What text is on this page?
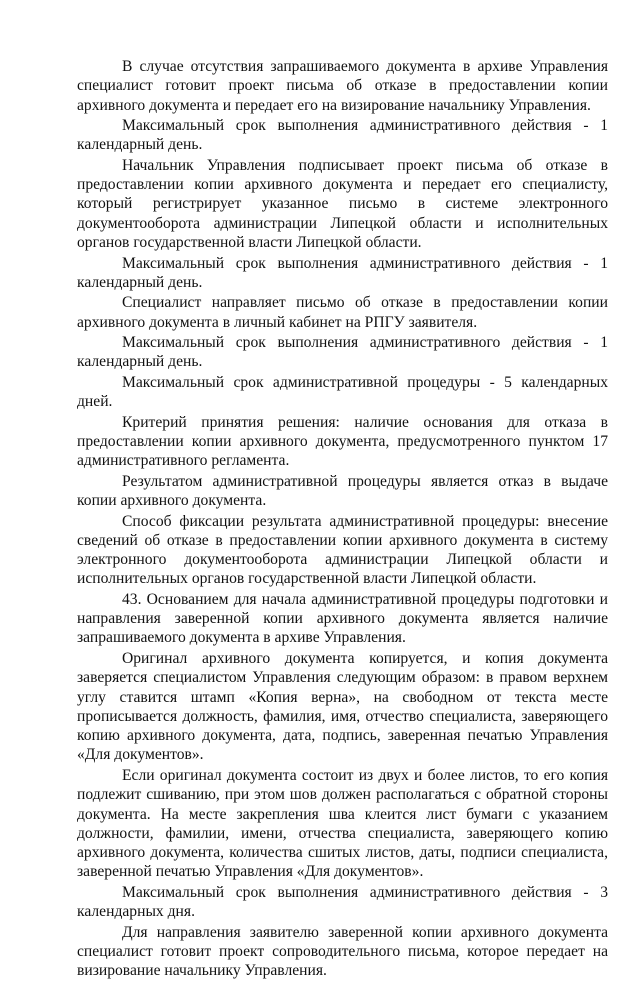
В случае отсутствия запрашиваемого документа в архиве Управления специалист готовит проект письма об отказе в предоставлении копии архивного документа и передает его на визирование начальнику Управления.

Максимальный срок выполнения административного действия - 1 календарный день.

Начальник Управления подписывает проект письма об отказе в предоставлении копии архивного документа и передает его специалисту, который регистрирует указанное письмо в системе электронного документооборота администрации Липецкой области и исполнительных органов государственной власти Липецкой области.

Максимальный срок выполнения административного действия - 1 календарный день.

Специалист направляет письмо об отказе в предоставлении копии архивного документа в личный кабинет на РПГУ заявителя.

Максимальный срок выполнения административного действия - 1 календарный день.

Максимальный срок административной процедуры - 5 календарных дней.

Критерий принятия решения: наличие основания для отказа в предоставлении копии архивного документа, предусмотренного пунктом 17 административного регламента.

Результатом административной процедуры является отказ в выдаче копии архивного документа.

Способ фиксации результата административной процедуры: внесение сведений об отказе в предоставлении копии архивного документа в систему электронного документооборота администрации Липецкой области и исполнительных органов государственной власти Липецкой области.

43. Основанием для начала административной процедуры подготовки и направления заверенной копии архивного документа является наличие запрашиваемого документа в архиве Управления.

Оригинал архивного документа копируется, и копия документа заверяется специалистом Управления следующим образом: в правом верхнем углу ставится штамп «Копия верна», на свободном от текста месте прописывается должность, фамилия, имя, отчество специалиста, заверяющего копию архивного документа, дата, подпись, заверенная печатью Управления «Для документов».

Если оригинал документа состоит из двух и более листов, то его копия подлежит сшиванию, при этом шов должен располагаться с обратной стороны документа. На месте закрепления шва клеится лист бумаги с указанием должности, фамилии, имени, отчества специалиста, заверяющего копию архивного документа, количества сшитых листов, даты, подписи специалиста, заверенной печатью Управления «Для документов».

Максимальный срок выполнения административного действия - 3 календарных дня.

Для направления заявителю заверенной копии архивного документа специалист готовит проект сопроводительного письма, которое передает на визирование начальнику Управления.
